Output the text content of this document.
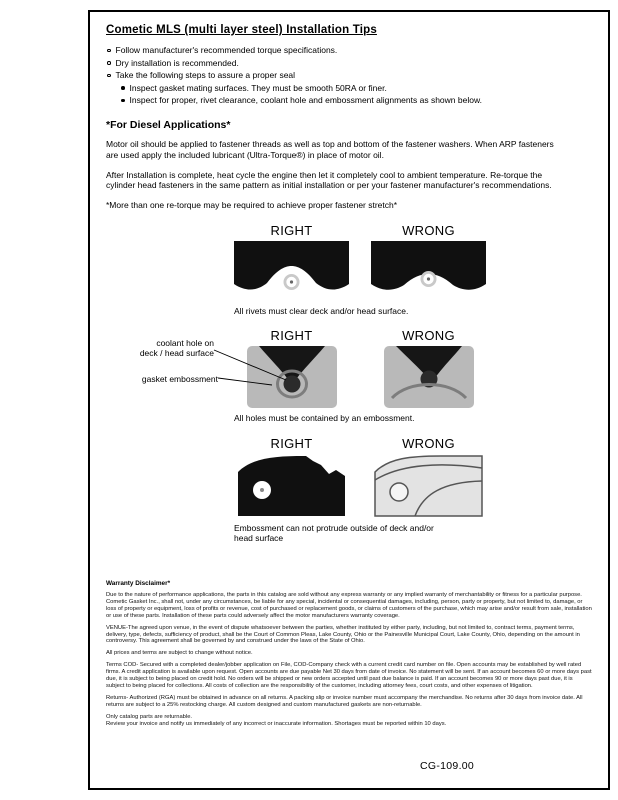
Cometic MLS (multi layer steel) Installation Tips
Follow manufacturer's recommended torque specifications.
Dry installation is recommended.
Take the following steps to assure a proper seal
Inspect gasket mating surfaces. They must be smooth 50RA or finer.
Inspect for proper, rivet clearance, coolant hole and embossment alignments as shown below.
*For Diesel Applications*

Motor oil should be applied to fastener threads as well as top and bottom of the fastener washers. When ARP fasteners are used apply the included lubricant (Ultra-Torque®) in place of motor oil.

After Installation is complete, heat cycle the engine then let it completely cool to ambient temperature. Re-torque the cylinder head fasteners in the same pattern as initial installation or per your fastener manufacturer's recommendations.

*More than one re-torque may be required to achieve proper fastener stretch*

RIGHT	WRONG

All rivets must clear deck and/or head surface.

coolant hole on
deck / head surface
gasket embossment
RIGHT	WRONG

All holes must be contained by an embossment.

RIGHT	WRONG

Embossment can not protrude outside of deck and/or head surface

Warranty Disclaimer*

Due to the nature of performance applications, the parts in this catalog are sold without any express warranty or any implied warranty of merchantability or fitness for a particular purpose. Cometic Gasket Inc., shall not, under any circumstances, be liable for any special, incidental or consequential damages, including, person, party or property, but not limited to, damage, or loss of property or equipment, loss of profits or revenue, cost of purchased or replacement goods, or claims of customers of the purchase, which may arise and/or result from sale, installation or use of these parts. Installation of these parts could adversely affect the motor manufacturers warranty coverage.

VENUE-The agreed upon venue, in the event of dispute whatsoever between the parties, whether instituted by either party, including, but not limited to, contract terms, payment terms, delivery, type, defects, sufficiency of product, shall be the Court of Common Pleas, Lake County, Ohio or the Painesville Municipal Court, Lake County, Ohio, depending on the amount in controversy. This agreement shall be governed by and construed under the laws of the State of Ohio.

All prices and terms are subject to change without notice.

Terms COD- Secured with a completed dealer/jobber application on File, COD-Company check with a current credit card number on file. Open accounts may be established by well rated firms. A credit application is available upon request. Open accounts are due payable Net 30 days from date of invoice. No statement will be sent. If an account becomes 60 or more days past due, it is subject to being placed on credit hold. No orders will be shipped or new orders accepted until past due balance is paid. If an account becomes 90 or more days past due, it is subject to being placed for collections. All costs of collection are the responsibility of the customer, including attorney fees, court costs, and other expenses of litigation.

Returns- Authorized (RGA) must be obtained in advance on all returns. A packing slip or invoice number must accompany the merchandise. No returns after 30 days from invoice date. All returns are subject to a 25% restocking charge. All custom designed and custom manufactured gaskets are non-returnable.

Only catalog parts are returnable.

Review your invoice and notify us immediately of any incorrect or inaccurate information. Shortages must be reported within 10 days.

CG-109.00
